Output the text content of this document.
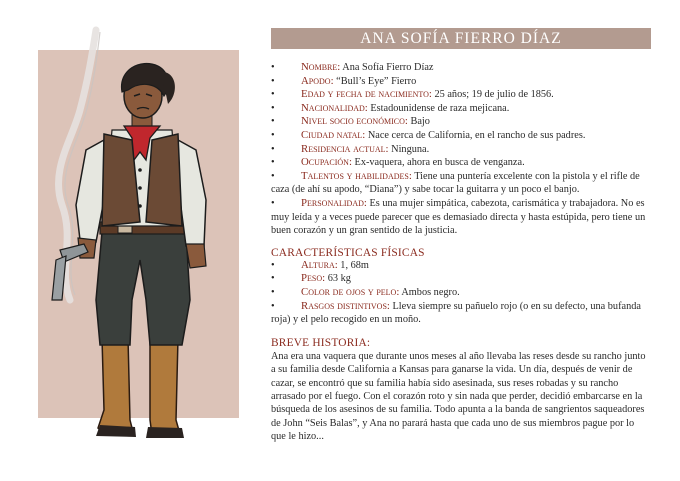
ANA SOFÍA FIERRO DÍAZ
• Nombre: Ana Sofía Fierro Díaz
• Apodo: “Bull’s Eye” Fierro
• Edad y fecha de nacimiento: 25 años; 19 de julio de 1856.
• Nacionalidad: Estadounidense de raza mejicana.
• Nivel socio económico: Bajo
• Ciudad natal: Nace cerca de California, en el rancho de sus padres.
• Residencia actual: Ninguna.
• Ocupación: Ex-vaquera, ahora en busca de venganza.
• Talentos y habilidades: Tiene una puntería excelente con la pistola y el rifle de caza (de ahí su apodo, “Diana”) y sabe tocar la guitarra y un poco el banjo.
• Personalidad: Es una mujer simpática, cabezota, carismática y trabajadora. No es muy leída y a veces puede parecer que es demasiado directa y hasta estúpida, pero tiene un buen corazón y un gran sentido de la justicia.
CARACTERÍSTICAS FÍSICAS
• Altura: 1, 68m
• Peso: 63 kg
• Color de ojos y pelo: Ambos negro.
• Rasgos distintivos: Lleva siempre su pañuelo rojo (o en su defecto, una bufanda roja) y el pelo recogido en un moño.
BREVE HISTORIA:

Ana era una vaquera que durante unos meses al año llevaba las reses desde su rancho junto a su familia desde California a Kansas para ganarse la vida. Un día, después de venir de cazar, se encontró que su familia había sido asesinada, sus reses robadas y su rancho arrasado por el fuego. Con el corazón roto y sin nada que perder, decidió embarcarse en la búsqueda de los asesinos de su familia. Todo apunta a la banda de sangrientos saqueadores de John “Seis Balas”, y Ana no parará hasta que cada uno de sus miembros pague por lo que le hizo...
